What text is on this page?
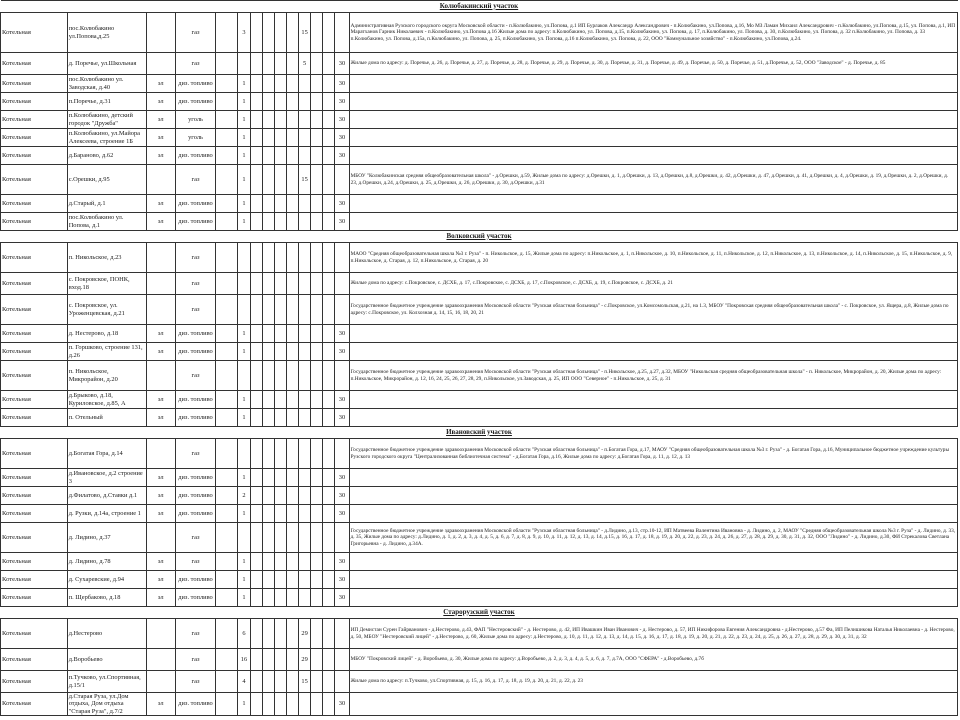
Колюбакинский участок														
Котельная	пос.Колюбакино ул.Попова,д.25		газ		3					15				Административная Рузского городского округа Московской области - п.Колюбакино, ул.Попова, д.1 ИП Бурлаков Александр Александрович - п.Колюбакино, ул.Попова, д.16, Мо МЗ Ламан Михаил Александрович - п.Колюбакино, ул.Попова, д.15, ул. Попова, д.1, ИП Маратханов Гарник Николаевич - п.Колюбакино, ул.Попова д.16 Жилые дома по адресу: п.Колюбакино, ул. Попова, д.15, п.Колюбакино, ул. Попова, д. 17, п.Колюбакино, ул. Попова, д. 30, п.Колюбакино, ул. Попова, д. 32 п.Колюбакино, ул. Попова, д. 33 п.Колюбакино, ул. Попова, д.15а, п.Колюбакино, ул. Попова, д. 25, п.Колюбакино, ул. Попова, д.16 п.Колюбакино, ул. Попова, д. 22, ООО "Коммунальное хозяйство" - п.Колюбакино, ул.Попова, д.24.
Котельная	д. Поречье, ул.Школьная		газ							5			30	Жилые дома по адресу: д. Поречье, д. 26, д. Поречье, д. 27, д. Поречье, д. 28, д. Поречье, д. 29, д. Поречье, д. 30, д. Поречье, д. 31, д. Поречье, д. 49, д. Поречье, д. 50, д. Поречье, д. 51, д.Поречье, д. 52, ООО "Заводское" - д. Поречье, д. 85
Котельная	пос.Колюбакино ул. Заводская, д.40	эл	диз. топливо		1								30	
Котельная	п.Поречье, д.31	эл	диз. топливо		1								30	
Котельная	п.Колюбакино, детский городок "Дружба"	эл	уголь		1								30	
Котельная	п.Колюбакино, ул.Майора Алексеева, строение 1Б	эл	уголь		1								30	
Котельная	д.Бараново, д.62	эл	диз. топливо		1								30	
Котельная	с.Орешки, д.95		газ		1					15				МБОУ "Колюбакинская средняя общеобразовательная школа" - д.Орешки, д.59, Жилые дома по адресу: д.Орешки, д. 1, д.Орешки, д. 13, д.Орешки, д.8, д.Орешки, д. 42, д.Орешки, д. 47, д.Орешки, д. 41, д.Орешки, д. 4, д.Орешки, д. 19, д.Орешки, д. 2, д.Орешки, д. 23, д.Орешки, д.24, д.Орешки, д. 25, д.Орешки, д. 26, д.Орешки, д. 30, д.Орешки, д.31
Котельная	д.Старый, д.1	эл	диз. топливо		1								30	
Котельная	пос.Колюбакино ул. Попова, д.1	эл	диз. топливо		1								30	
Волковский участок														
Котельная	п. Никольское, д.23		газ											МАОО "Средняя общеобразовательная школа №3 г. Руза" - п. Никольское, д. 15, Жилые дома по адресу: п.Никольское, д. 1, п.Никольское, д. 10, п.Никольское, д. 11, п.Никольское, д. 12, п.Никольское, д. 13, п.Никольское, д. 14, п.Никольское, д. 15, п.Никольское, д. 9, п.Никольское, д. Старая, д. 12, п.Никольское, д. Старая, д. 20
Котельная	с. Покровское, ПОНК, вход.18		газ											Жилые дома по адресу: с.Покровское, с. ДСХБ, д. 17, с.Покровское, с. ДСХБ, д. 17, с.Покровское, с. ДСХБ, д. 19, с.Покровское, с. ДСХБ, д. 21
Котельная	с. Покровское, ул. Уроженцевская, д.21		газ											Государственное бюджетное учреждение здравоохранения Московской области "Рузская областная больница" - с.Покровское, ул.Комсомольская, д.21, на 1.3, МБОУ "Покровская средняя общеобразовательная школа" - с. Покровское, ул. Ящера, д.8, Жилые дома по адресу: с.Покровское, ул. Колхозная д. 14, 15, 16, 18, 20, 21
Котельная	д. Нестерово, д.18	эл	диз. топливо		1								30	
Котельная	п. Горшково, строение 131, д.26	эл	диз. топливо		1								30	
Котельная	п. Никольское, Микрорайон, д.20		газ											Государственное бюджетное учреждение здравоохранения Московской области "Рузская областная больница" - п.Никольское, д.25, д.27, д.32, МБОУ "Никольская средняя общеобразовательная школа" - п. Никольское, Микрорайон, д. 20, Жилые дома по адресу: п.Никольское, Микрорайон, д. 12, 16, 24, 25, 26, 27, 28, 29, п.Никольское, ул.Заводская, д. 25, ИП ООО "Северное" - п.Никольское, д. 25, д. 31
Котельная	д.Брыково, д.18, Куриловское, д.85, А	эл	диз. топливо		1								30	
Котельная	п. Отельный	эл	диз. топливо		1								30	
Ивановский участок														
Котельная	д.Богатая Гора, д.14		газ											Государственное бюджетное учреждение здравоохранения Московской области "Рузская областная больница" - п.Богатая Гора, д.17, МАОУ "Средняя общеобразовательная школа №3 г. Руза" - д. Богатая Гора, д.16, Муниципальное бюджетное учреждение культуры Рузского городского округа "Централизованная библиотечная система" - д.Богатая Гора, д.16, Жилые дома по адресу: д.Богатая Гора, д. 11, д. 12, д. 13
Котельная	д.Ивановское, д.2 строение 3	эл	диз. топливо		1								30	
Котельная	д.Филатово, д.Ставки д.1	эл	диз. топливо		2								30	
Котельная	д. Рузки, д.14а, строение 1	эл	диз. топливо		1								30	
Котельная	д. Лидино, д.37		газ											Государственное бюджетное учреждение здравоохранения Московской области "Рузская областная больница" - д.Лидино, д.13, стр.10-12, ИП Матвеева Валентина Ивановна - д. Лидино, д. 2, МАОУ "Средняя общеобразовательная школа №3 г. Руза" - д. Лидино, д. 33, д. 35, Жилые дома по адресу: д.Лидино, д. 1, д. 2, д. 3, д. 4, д. 5, д. 6, д. 7, д. 8, д. 9, д. 10, д. 11, д. 12, д. 13, д. 14, д.15, д. 16, д. 17, д. 18, д. 19, д. 20, д. 22, д. 23, д. 24, д. 26, д. 27, д. 28, д. 29, д. 30, д. 31, д. 32, ООО "Лидино" - д. Лидино, д.30, ФИ Стрекалова Светлана Григорьевна - д. Лидино, д.34А.
Котельная	д. Лидино, д.78	эл	газ		1								30	
Котельная	д. Сухаревские, д.94	эл	диз. топливо		1								30	
Котельная	п. Щербаково, д.18	эл	диз. топливо		1								30	
Старорузский участок														
Котельная	д.Нестерово		газ		6					29				ИП Демистан Сурен Гайрванович - д.Нестерово, д.43, ФАП "Нестеровский" - д. Нестерово, д. 42, ИП Ивашкин Иван Иванович - д. Нестерово, д. 57, ИП Никифорова Евгения Александровна - д.Нестерово, д.57 Фа, ИП Пелишикова Наталья Николаевна - д. Нестерово, д. 50, МБОУ "Нестеровский лицей" - д.Нестерово, д. 60, Жилые дома по адресу: д.Нестерово, д. 10, д. 11, д. 12, д. 13, д. 14, д. 15, д. 16, д. 17, д. 18, д. 19, д. 20, д. 21, д. 22, д. 23, д. 24, д. 25, д. 26, д. 27, д. 28, д. 29, д. 30, д. 31, д. 32
Котельная	д.Воробьево		газ		16					29				МБОУ "Покровский лицей" - д. Воробьево, д. 30, Жилые дома по адресу: д.Воробьево, д. 2, д. 3, д. 4, д. 5, д. 6, д. 7, д.7А, ООО "СФЕРА" - д.Воробьево, д.7б
Котельная	п.Тучково, ул.Спортивная, д.15/1		газ		4					15				Жилые дома по адресу: п.Тучково, ул.Спортивная, д. 15, д. 16, д. 17, д. 18, д. 19, д. 20, д. 21, д. 22, д. 23
Котельная	д.Старая Руза, ул.Дом отдыха, Дом отдыха "Старая Руза", д.7/2	эл	диз. топливо		1								30	
